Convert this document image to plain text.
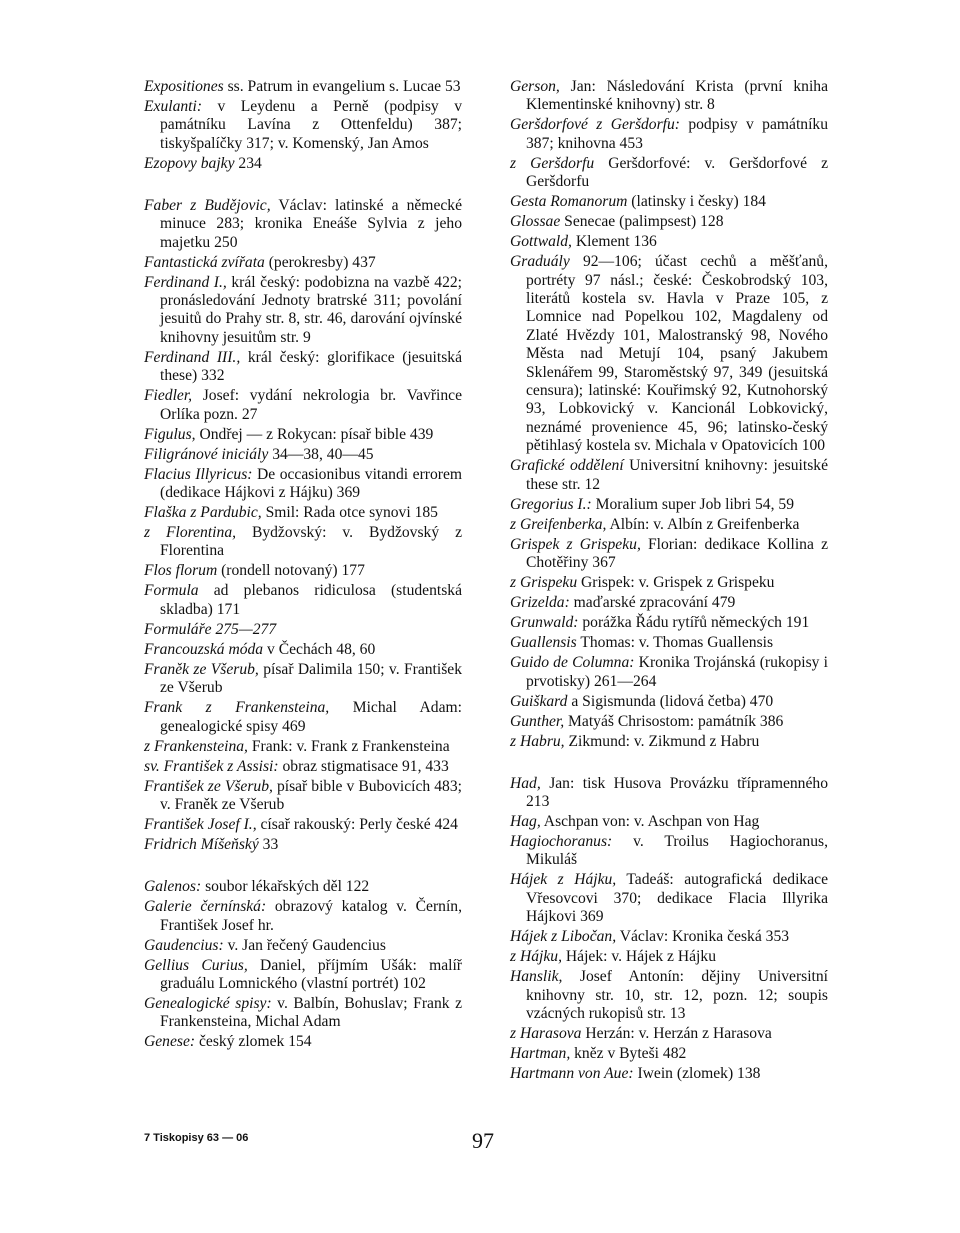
Expositiones ss. Patrum in evangelium s. Lucae 53
Exulanti: v Leydenu a Perně (podpisy v památníku Lavína z Ottenfeldu) 387; tiskyšpalíčky 317; v. Komenský, Jan Amos
Ezopovy bajky 234
Faber z Budějovic, Václav: latinské a německé minuce 283; kronika Eneáše Sylvia z jeho majetku 250
Fantastická zvířata (perokresby) 437
Ferdinand I., král český: podobizna na vazbě 422; pronásledování Jednoty bratrské 311; povolání jesuitů do Prahy str. 8, str. 46, darování ojvínské knihovny jesuitům str. 9
Ferdinand III., král český: glorifikace (jesuitská these) 332
Fiedler, Josef: vydání nekrologia br. Vavřince Orlíka pozn. 27
Figulus, Ondřej — z Rokycan: písař bible 439
Filigránové iniciály 34—38, 40—45
Flacius Illyricus: De occasionibus vitandi errorem (dedikace Hájkovi z Hájku) 369
Flaška z Pardubic, Smil: Rada otce synovi 185
z Florentina, Bydžovský: v. Bydžovský z Florentina
Flos florum (rondell notovaný) 177
Formula ad plebanos ridiculosa (studentská skladba) 171
Formuláře 275—277
Francouzská móda v Čechách 48, 60
Franěk ze Všerub, písař Dalimila 150; v. František ze Všerub
Frank z Frankensteina, Michal Adam: genealogické spisy 469
z Frankensteina, Frank: v. Frank z Frankensteina
sv. František z Assisi: obraz stigmatisace 91, 433
František ze Všerub, písař bible v Bubovicích 483; v. Franěk ze Všerub
František Josef I., císař rakouský: Perly české 424
Fridrich Míšeňský 33
Galenos: soubor lékařských děl 122
Galerie černínská: obrazový katalog v. Černín, František Josef hr.
Gaudencius: v. Jan řečený Gaudencius
Gellius Curius, Daniel, příjmím Ušák: malíř graduálu Lomnického (vlastní portrét) 102
Genealogické spisy: v. Balbín, Bohuslav; Frank z Frankensteina, Michal Adam
Genese: český zlomek 154
Gerson, Jan: Následování Krista (první kniha Klementinské knihovny) str. 8
Geršdorfové z Geršdorfu: podpisy v památníku 387; knihovna 453
z Geršdorfu Geršdorfové: v. Geršdorfové z Geršdorfu
Gesta Romanorum (latinsky i česky) 184
Glossae Senecae (palimpsest) 128
Gottwald, Klement 136
Graduály 92—106; účast cechů a měšťanů, portréty 97 násl.; české: Českobrodský 103, literátů kostela sv. Havla v Praze 105, z Lomnice nad Popelkou 102, Magdaleny od Zlaté Hvězdy 101, Malostranský 98, Nového Města nad Metují 104, psaný Jakubem Sklenářem 99, Staroměstský 97, 349 (jesuitská censura); latinské: Kouřimský 92, Kutnohorský 93, Lobkovický v. Kancionál Lobkovický, neznámé provenience 45, 96; latinsko-český pětihlasý kostela sv. Michala v Opatovicích 100
Grafické oddělení Universitní knihovny: jesuitské these str. 12
Gregorius I.: Moralium super Job libri 54, 59
z Greifenberka, Albín: v. Albín z Greifenberka
Grispek z Grispeku, Florian: dedikace Kollina z Chotěřiny 367
z Grispeku Grispek: v. Grispek z Grispeku
Grizelda: maďarské zpracování 479
Grunwald: porážka Řádu rytířů německých 191
Guallensis Thomas: v. Thomas Guallensis
Guido de Columna: Kronika Trojánská (rukopisy i prvotisky) 261—264
Guiškard a Sigismunda (lidová četba) 470
Gunther, Matyáš Chrisostom: památník 386
z Habru, Zikmund: v. Zikmund z Habru
Had, Jan: tisk Husova Provázku třípramenného 213
Hag, Aschpan von: v. Aschpan von Hag
Hagiochoranus: v. Troilus Hagiochoranus, Mikuláš
Hájek z Hájku, Tadeáš: autografická dedikace Vřesovcovi 370; dedikace Flacia Illyrika Hájkovi 369
Hájek z Libočan, Václav: Kronika česká 353
z Hájku, Hájek: v. Hájek z Hájku
Hanslik, Josef Antonín: dějiny Universitní knihovny str. 10, str. 12, pozn. 12; soupis vzácných rukopisů str. 13
z Harasova Herzán: v. Herzán z Harasova
Hartman, kněz v Byteši 482
Hartmann von Aue: Iwein (zlomek) 138
7 Tiskopisy 63 — 06	97
